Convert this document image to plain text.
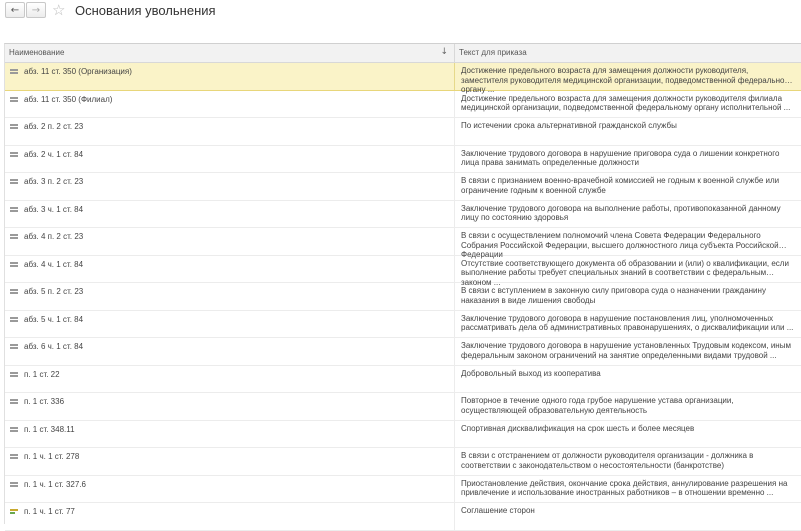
←	→ ☆ Основания увольнения
Наименование	↓	Текст для приказа
абз. 11 ст. 350 (Организация)	Достижение предельного возраста для замещения должности руководителя, заместителя руководителя медицинской организации, подведомственной федеральному органу ...
абз. 11 ст. 350 (Филиал)	Достижение предельного возраста для замещения должности руководителя филиала медицинской организации, подведомственной федеральному органу исполнительной ...
абз. 2 п. 2 ст. 23	По истечении срока альтернативной гражданской службы
абз. 2 ч. 1 ст. 84	Заключение трудового договора в нарушение приговора суда о лишении конкретного лица права занимать определенные должности
абз. 3 п. 2 ст. 23	В связи с признанием военно-врачебной комиссией не годным к военной службе или ограничение годным к военной службе
абз. 3 ч. 1 ст. 84	Заключение трудового договора на выполнение работы, противопоказанной данному лицу по состоянию здоровья
абз. 4 п. 2 ст. 23	В связи с осуществлением полномочий члена Совета Федерации Федерального Собрания Российской Федерации, высшего должностного лица субъекта Российской Федерации
абз. 4 ч. 1 ст. 84	Отсутствие соответствующего документа об образовании и (или) о квалификации, если выполнение работы требует специальных знаний в соответствии с федеральным законом ...
абз. 5 п. 2 ст. 23	В связи с вступлением в законную силу приговора суда о назначении гражданину наказания в виде лишения свободы
абз. 5 ч. 1 ст. 84	Заключение трудового договора в нарушение постановления лиц, уполномоченных рассматривать дела об административных правонарушениях, о дисквалификации или ...
абз. 6 ч. 1 ст. 84	Заключение трудового договора в нарушение установленных Трудовым кодексом, иным федеральным законом ограничений на занятие определенными видами трудовой ...
п. 1 ст. 22	Добровольный выход из кооператива
п. 1 ст. 336	Повторное в течение одного года грубое нарушение устава организации, осуществляющей образовательную деятельность
п. 1 ст. 348.11	Спортивная дисквалификация на срок шесть и более месяцев
п. 1 ч. 1 ст. 278	В связи с отстранением от должности руководителя организации - должника в соответствии с законодательством о несостоятельности (банкротстве)
п. 1 ч. 1 ст. 327.6	Приостановление действия, окончание срока действия, аннулирование разрешения на привлечение и использование иностранных работников – в отношении временно ...
п. 1 ч. 1 ст. 77	Соглашение сторон
